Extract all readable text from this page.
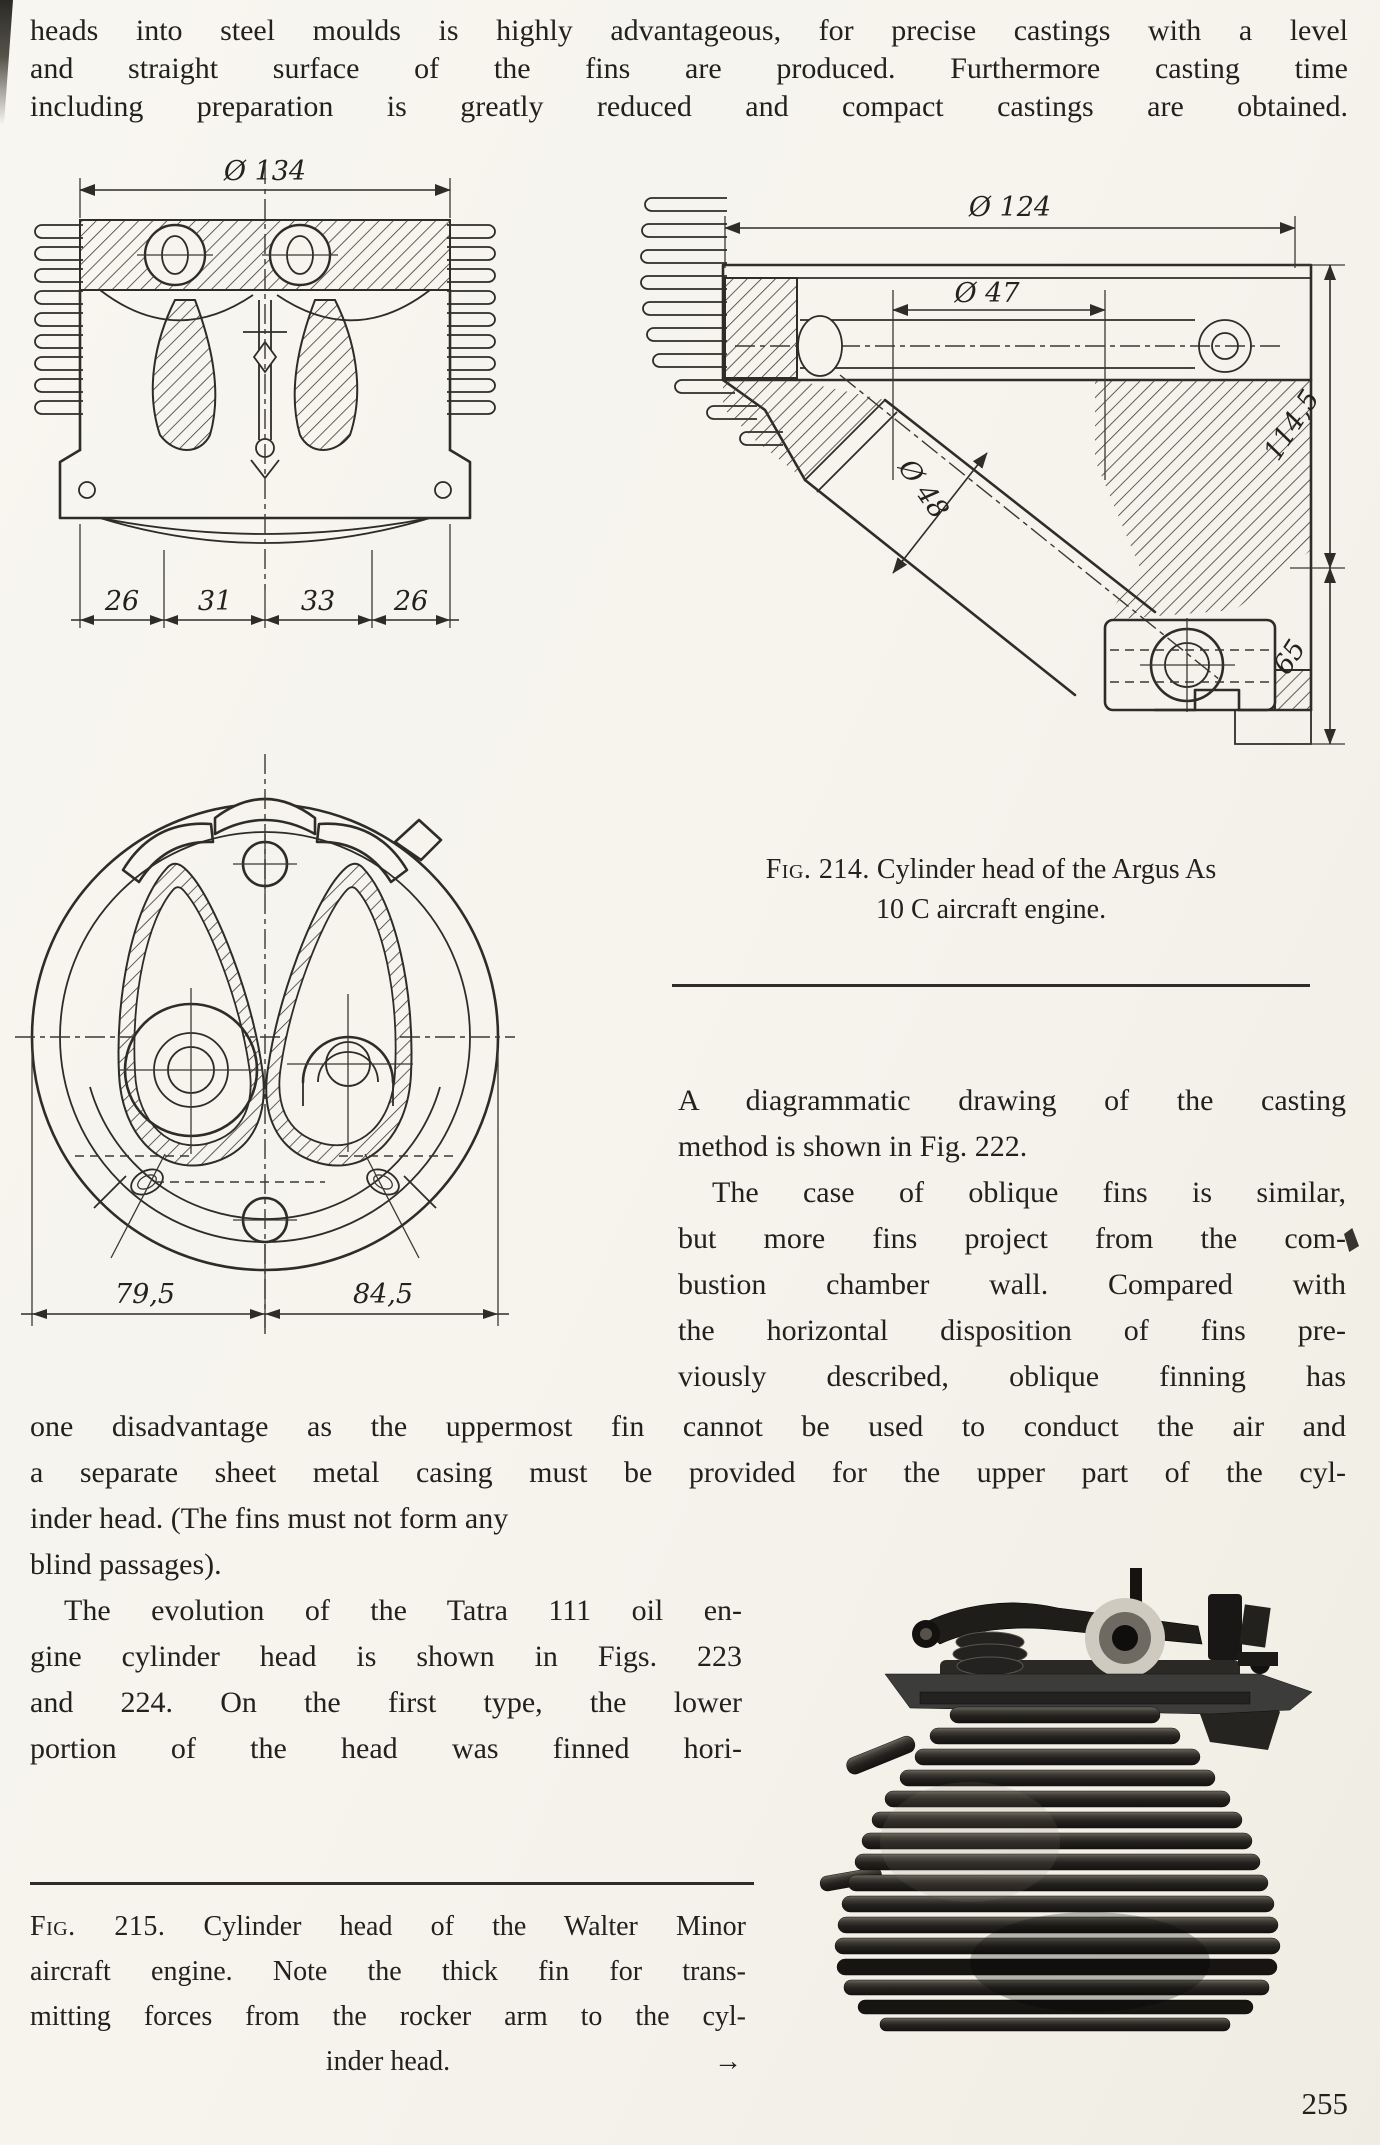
heads into steel moulds is highly advantageous, for precise castings with a level
and straight surface of the fins are produced. Furthermore casting time
including preparation is greatly reduced and compact castings are obtained.
Ø 134
26 31	33 26
Ø 124
Ø 47
Ø 48
114,5
65
Fig. 214. Cylinder head of the Argus As
10 C aircraft engine.
79,5	84,5
A diagrammatic drawing of the casting
method is shown in Fig. 222.
The case of oblique fins is similar,
but more fins project from the com-
bustion chamber wall. Compared with
the horizontal disposition of fins pre-
viously described, oblique finning has
one disadvantage as the uppermost fin cannot be used to conduct the air and
a separate sheet metal casing must be provided for the upper part of the cyl-
inder head. (The fins must not form any
blind passages).
The evolution of the Tatra 111 oil en-
gine cylinder head is shown in Figs. 223
and 224. On the first type, the lower
portion of the head was finned hori-
Fig. 215. Cylinder head of the Walter Minor
aircraft engine. Note the thick fin for trans-
mitting forces from the rocker arm to the cyl-
inder head.	→
255
